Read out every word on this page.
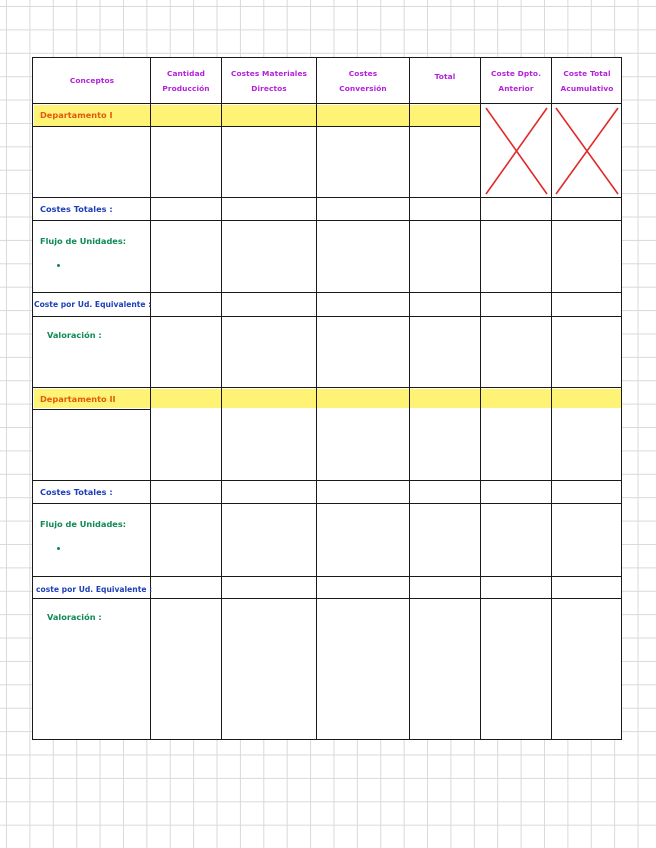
Conceptos
Cantidad
Producción
Costes Materiales
Directos
Costes
Conversión
Total	Coste Dpto.
Anterior
Coste Total
Acumulativo
Departamento I
Costes Totales :
Flujo de Unidades:
Coste por Ud. Equivalente :
Valoración :
Departamento II
Costes Totales :
Flujo de Unidades:
coste por Ud. Equivalente :
Valoración :
